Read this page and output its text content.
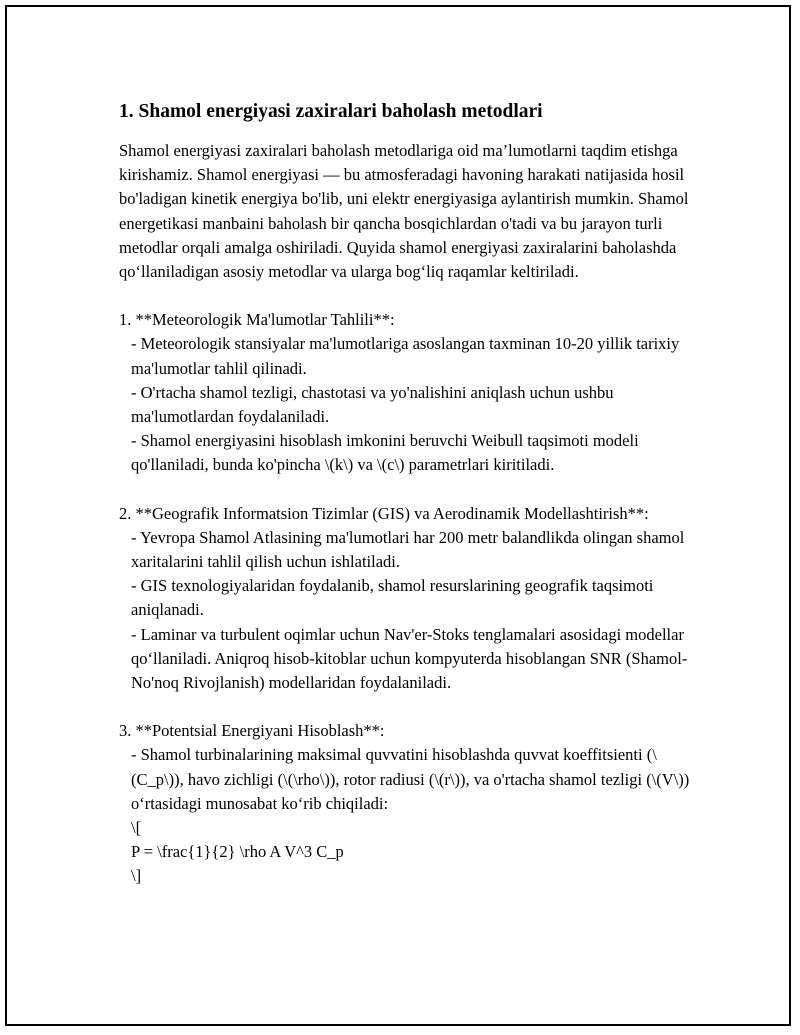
1. Shamol energiyasi zaxiralari baholash metodlari

Shamol energiyasi zaxiralari baholash metodlariga oid ma’lumotlarni taqdim etishga kirishamiz. Shamol energiyasi — bu atmosferadagi havoning harakati natijasida hosil bo'ladigan kinetik energiya bo'lib, uni elektr energiyasiga aylantirish mumkin. Shamol energetikasi manbaini baholash bir qancha bosqichlardan o'tadi va bu jarayon turli metodlar orqali amalga oshiriladi. Quyida shamol energiyasi zaxiralarini baholashda qo‘llaniladigan asosiy metodlar va ularga bog‘liq raqamlar keltiriladi.

1. **Meteorologik Ma'lumotlar Tahlili**:

- Meteorologik stansiyalar ma'lumotlariga asoslangan taxminan 10-20 yillik tarixiy ma'lumotlar tahlil qilinadi.

- O'rtacha shamol tezligi, chastotasi va yo'nalishini aniqlash uchun ushbu ma'lumotlardan foydalaniladi.

- Shamol energiyasini hisoblash imkonini beruvchi Weibull taqsimoti modeli qo'llaniladi, bunda ko'pincha \(k\) va \(c\) parametrlari kiritiladi.

2. **Geografik Informatsion Tizimlar (GIS) va Aerodinamik Modellashtirish**:

- Yevropa Shamol Atlasining ma'lumotlari har 200 metr balandlikda olingan shamol xaritalarini tahlil qilish uchun ishlatiladi.

- GIS texnologiyalaridan foydalanib, shamol resurslarining geografik taqsimoti aniqlanadi.

- Laminar va turbulent oqimlar uchun Nav'er-Stoks tenglamalari asosidagi modellar qo‘llaniladi. Aniqroq hisob-kitoblar uchun kompyuterda hisoblangan SNR (Shamol-No'noq Rivojlanish) modellaridan foydalaniladi.

3. **Potentsial Energiyani Hisoblash**:

- Shamol turbinalarining maksimal quvvatini hisoblashda quvvat koeffitsienti (\(C_p\)), havo zichligi (\(\rho\)), rotor radiusi (\(r\)), va o'rtacha shamol tezligi (\(V\)) o‘rtasidagi munosabat ko‘rib chiqiladi:

\[

P = \frac{1}{2} \rho A V^3 C_p

\]
